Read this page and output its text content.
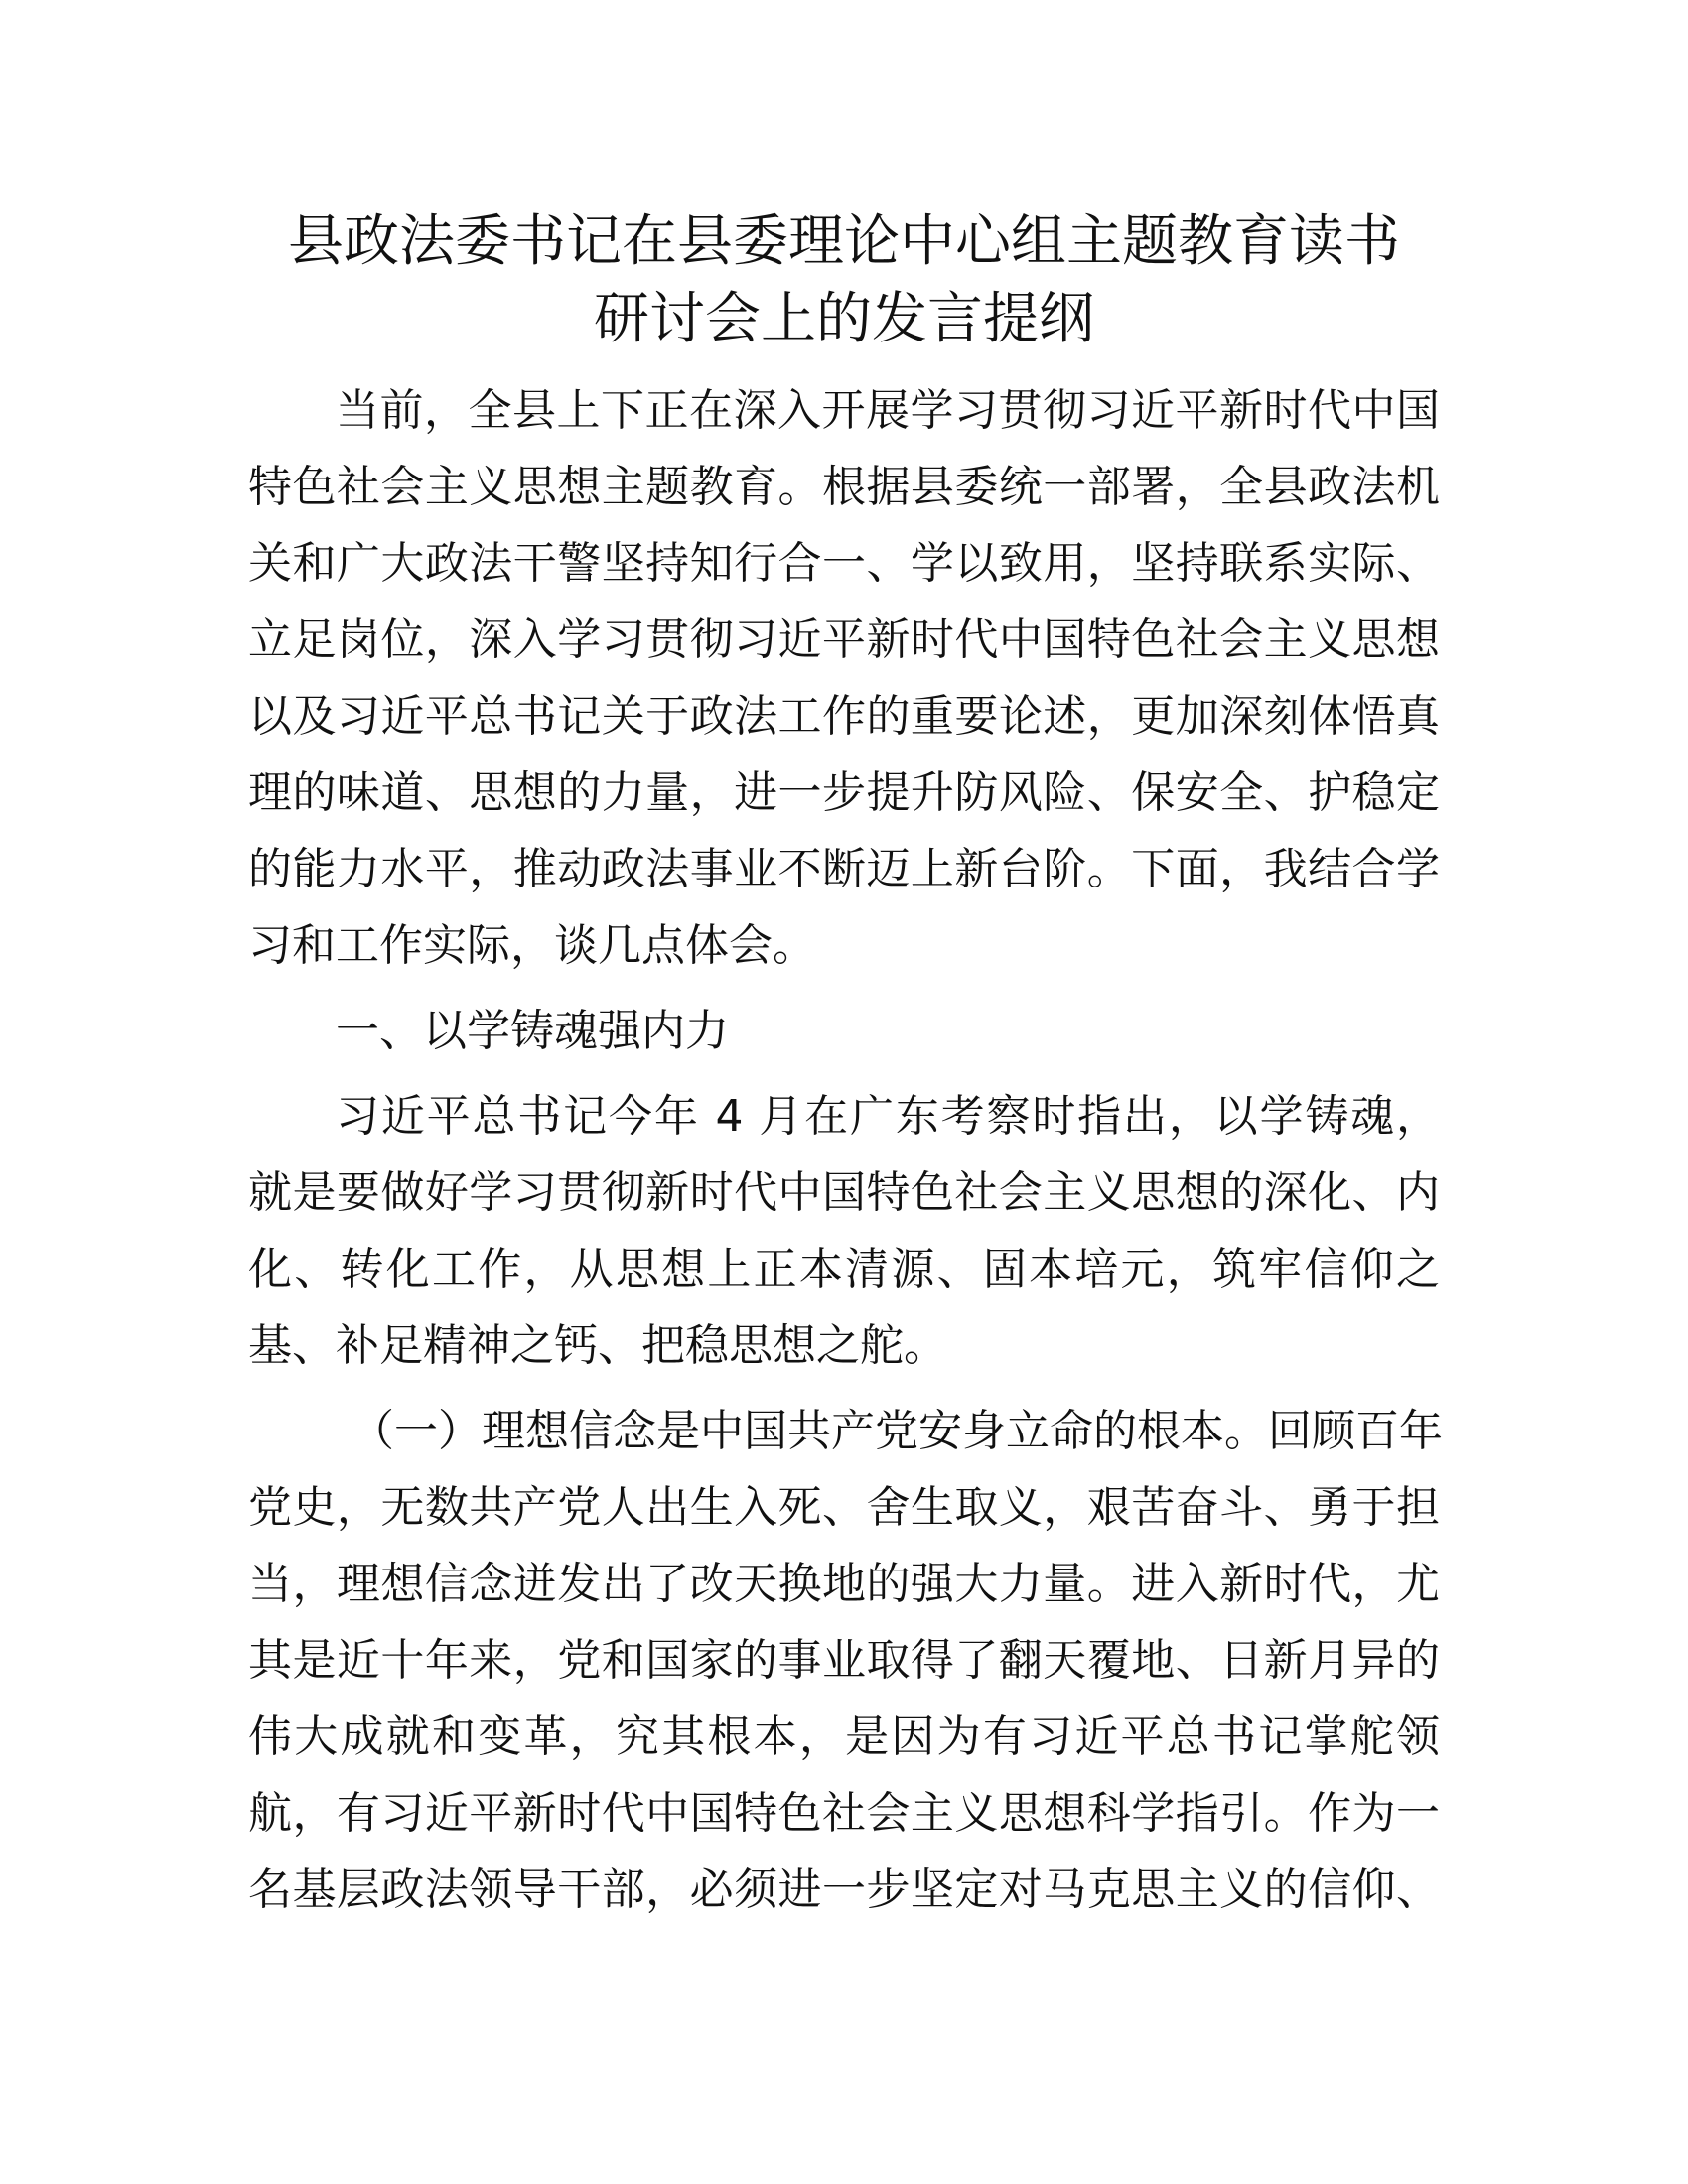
县政法委书记在县委理论中心组主题教育读书
研讨会上的发言提纲

当前，全县上下正在深入开展学习贯彻习近平新时代中国

特色社会主义思想主题教育。根据县委统一部署，全县政法机

关和广大政法干警坚持知行合一、学以致用，坚持联系实际、

立足岗位，深入学习贯彻习近平新时代中国特色社会主义思想

以及习近平总书记关于政法工作的重要论述，更加深刻体悟真

理的味道、思想的力量，进一步提升防风险、保安全、护稳定

的能力水平，推动政法事业不断迈上新台阶。下面，我结合学

习和工作实际，谈几点体会。

一、以学铸魂强内力

习近平总书记今年 4 月在广东考察时指出，以学铸魂，

就是要做好学习贯彻新时代中国特色社会主义思想的深化、内

化、转化工作，从思想上正本清源、固本培元，筑牢信仰之

基、补足精神之钙、把稳思想之舵。

（一）理想信念是中国共产党安身立命的根本。回顾百年

党史，无数共产党人出生入死、舍生取义，艰苦奋斗、勇于担

当，理想信念迸发出了改天换地的强大力量。进入新时代，尤

其是近十年来，党和国家的事业取得了翻天覆地、日新月异的

伟大成就和变革，究其根本，是因为有习近平总书记掌舵领

航，有习近平新时代中国特色社会主义思想科学指引。作为一

名基层政法领导干部，必须进一步坚定对马克思主义的信仰、
